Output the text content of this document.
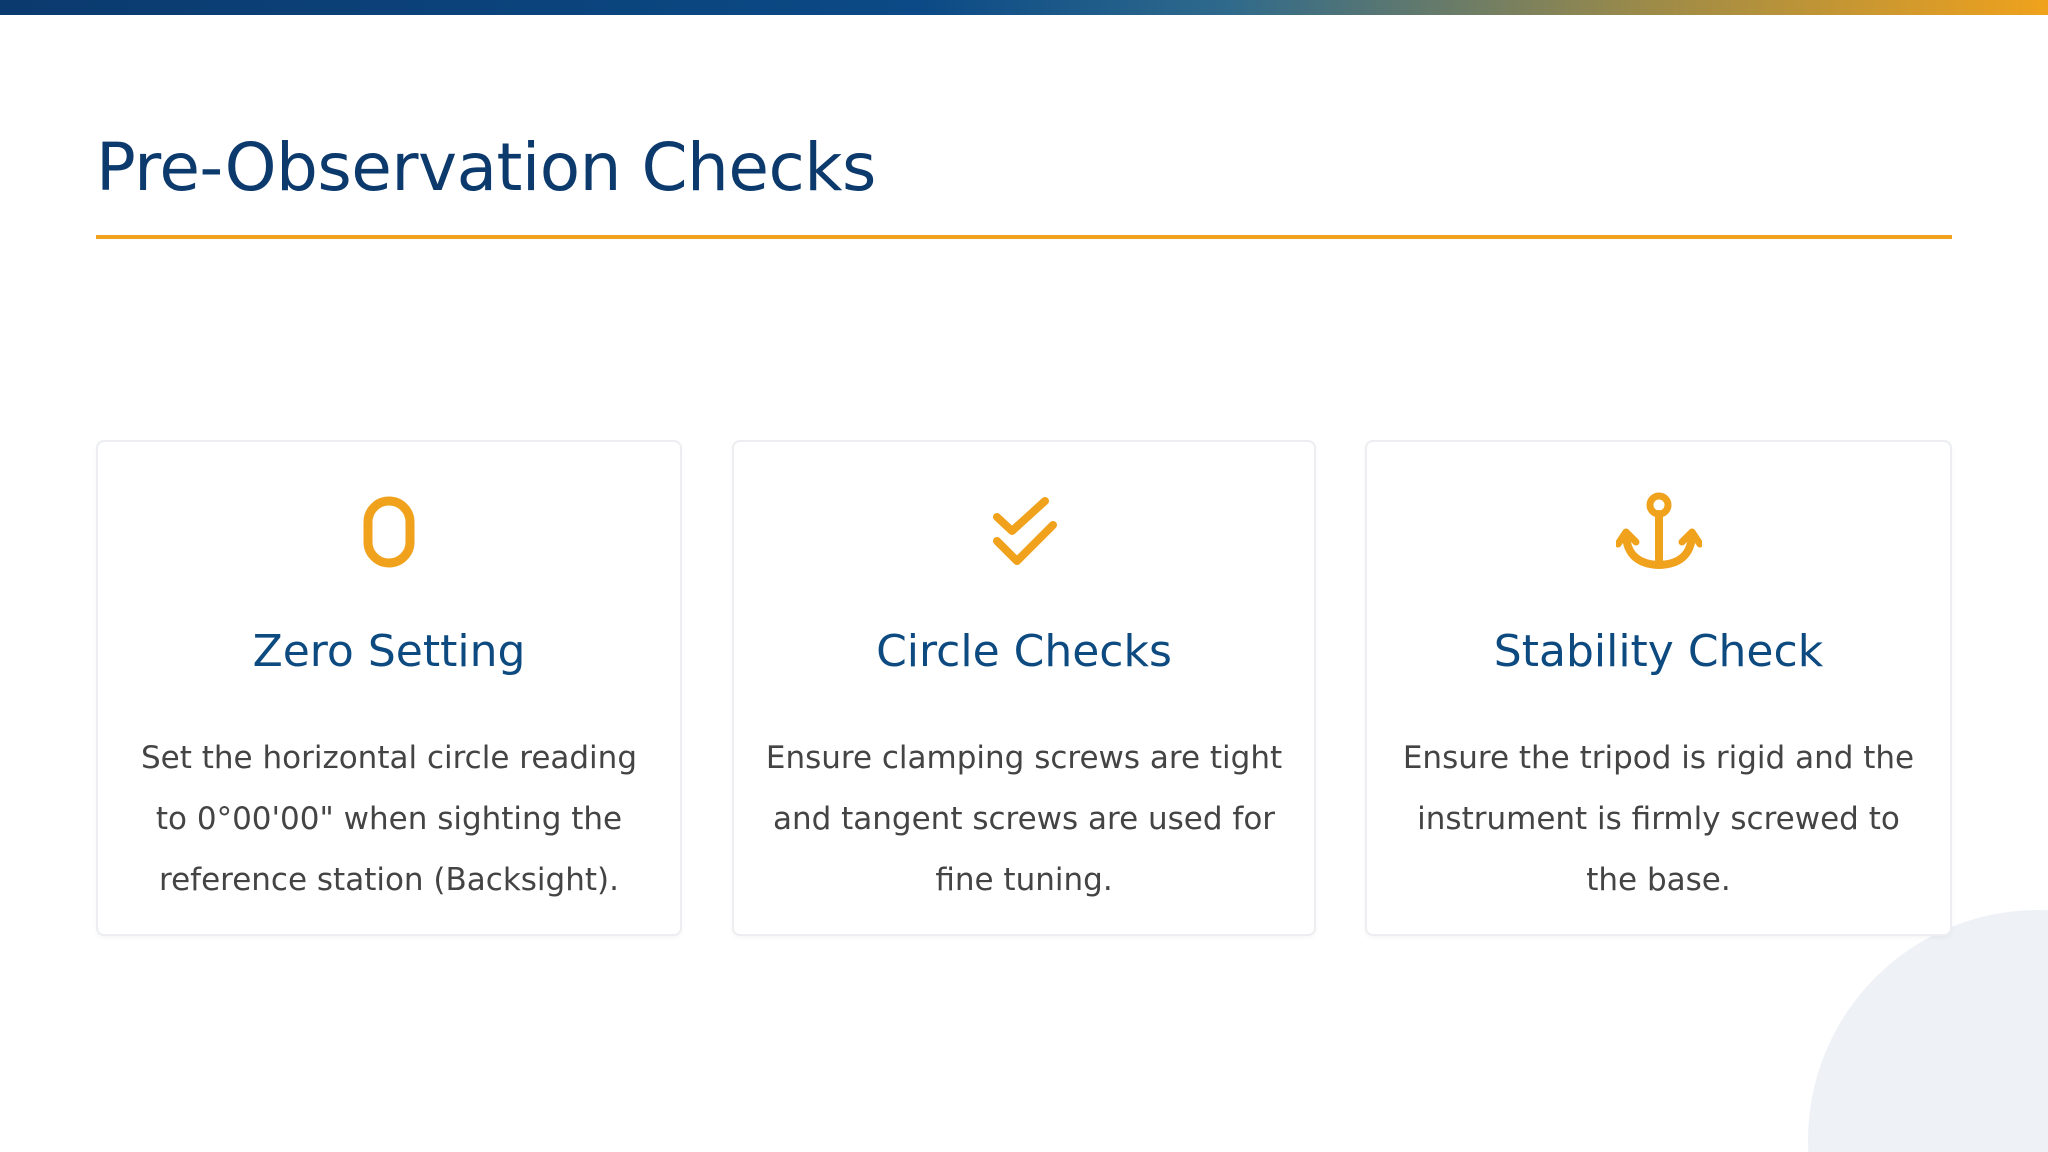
Pre-Observation Checks
Zero Setting

Set the horizontal circle reading to 0°00'00" when sighting the reference station (Backsight).

Circle Checks

Ensure clamping screws are tight and tangent screws are used for fine tuning.

Stability Check

Ensure the tripod is rigid and the instrument is firmly screwed to the base.
